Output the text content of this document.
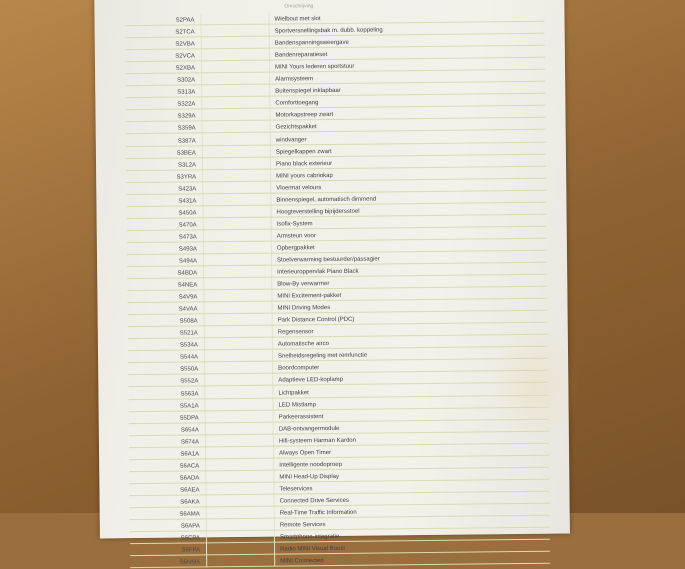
Omschrijving
S2PAA	Wielbout met slot
S2TCA	Sportversnellingsbak m. dubb. koppeling
S2VBA	Bandenspanningsweergave
S2VCA	Bandenreparatieset
S2XBA	MINI Yours lederen sportstuur
S302A	Alarmsysteem
S313A	Buitenspiegel inklapbaar
S322A	Comforttoegang
S329A	Motorkapstreep zwart
S359A	Gezichtspakket
S387A	windvanger
S3BEA	Spiegelkappen zwart
S3L2A	Piano black exterieur
S3YRA	MINI yours cabriokap
S423A	Vloermat velours
S431A	Binnenspiegel, automatisch dimmend
S450A	Hoogteverstelling bijrijdersstoel
S470A	Isofix-System
S473A	Armsteun voor
S493A	Opbergpakket
S494A	Stoelverwarming bestuurder/passagier
S4BDA	Interieuroppervlak Piano Black
S4NEA	Blow-By verwarmer
S4V9A	MINI Excitement-pakket
S4VAA	MINI Driving Modes
S508A	Park Distance Control (PDC)
S521A	Regensensor
S534A	Automatische airco
S544A	Snelheidsregeling met remfunctie
S550A	Boordcomputer
S552A	Adaptieve LED-koplamp
S563A	Lichtpakket
S5A1A	LED Mistlamp
S5DPA	Parkeerassistent
S654A	DAB-ontvangermodule
S674A	Hifi-systeem Harman Kardon
S6A1A	Always Open Timer
S6ACA	Intelligente noodoproep
S6ADA	MINI Head-Up Display
S6AEA	Teleservices
S6AKA	Connected Drive Services
S6AMA	Real-Time Traffic Information
S6APA	Remote Services
S6CPA	Smartphone-integratie
S6FPA	Radio MINI Visual Boost
S6NMA	MINI Connected
